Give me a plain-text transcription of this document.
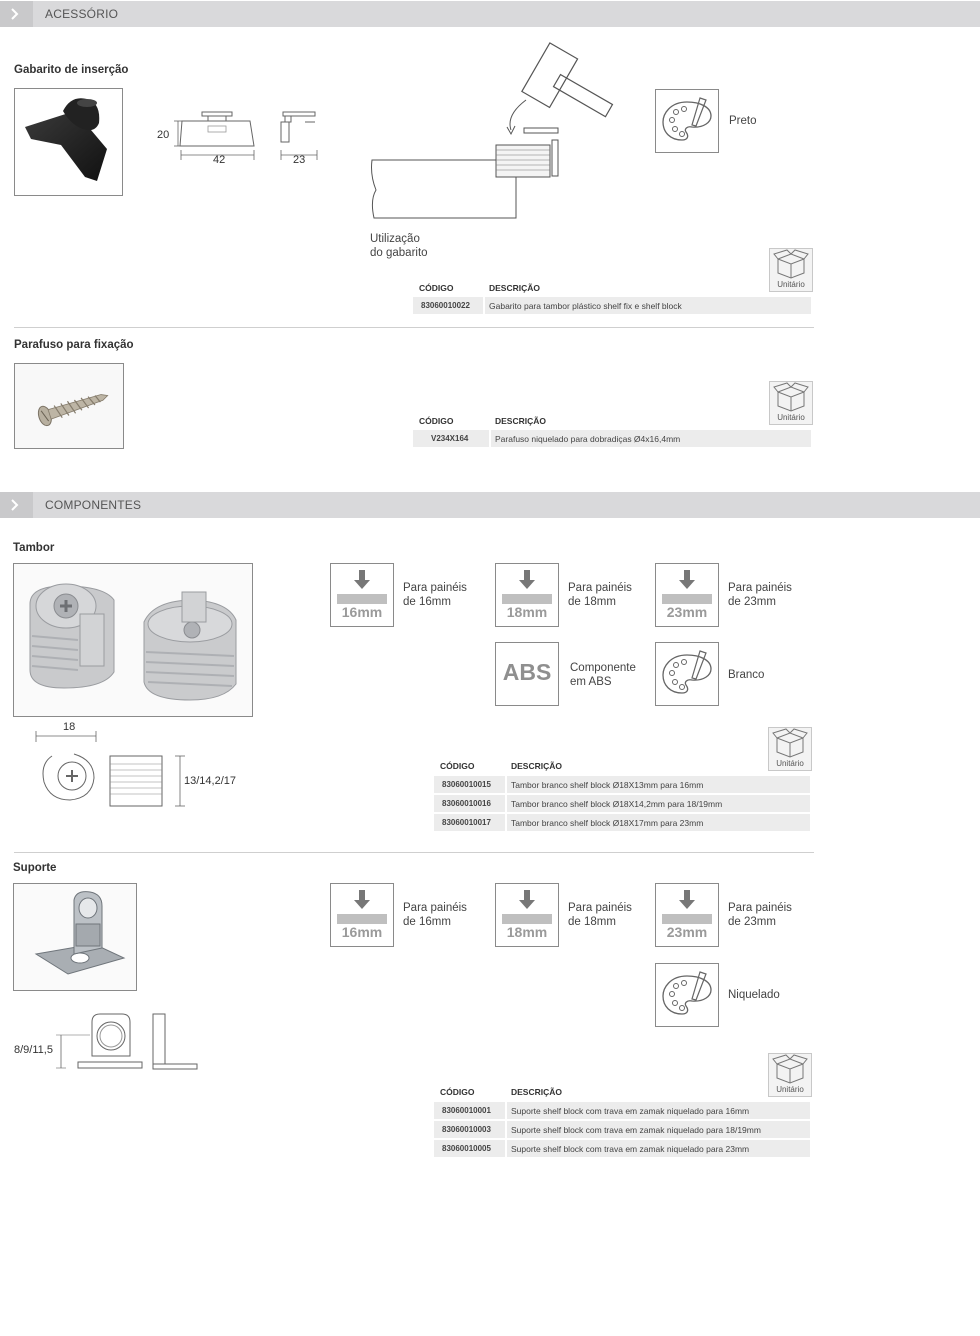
ACESSÓRIO
Gabarito de inserção
20
42	23
Utilização
do gabarito
Preto
Unitário
CÓDIGO	DESCRIÇÃO
83060010022 Gabarito para tambor plástico shelf fix e shelf block
Parafuso para fixação
Unitário
CÓDIGO	DESCRIÇÃO
V234X164	Parafuso niquelado para dobradiças Ø4x16,4mm
COMPONENTES
Tambor
18
13/14,2/17
16mm
Para painéis
de 16mm
18mm
Para painéis
de 18mm
23mm
Para painéis
de 23mm
ABS	Componente
em ABS
Branco
Unitário
CÓDIGO	DESCRIÇÃO
83060010015 Tambor branco shelf block Ø18X13mm para 16mm
83060010016 Tambor branco shelf block Ø18X14,2mm para 18/19mm
83060010017 Tambor branco shelf block Ø18X17mm para 23mm
Suporte
8/9/11,5
16mm
Para painéis
de 16mm
18mm
Para painéis
de 18mm
23mm
Para painéis
de 23mm
Niquelado
Unitário
CÓDIGO	DESCRIÇÃO
83060010001 Suporte shelf block com trava em zamak niquelado para 16mm
83060010003 Suporte shelf block com trava em zamak niquelado para 18/19mm
83060010005 Suporte shelf block com trava em zamak niquelado para 23mm
